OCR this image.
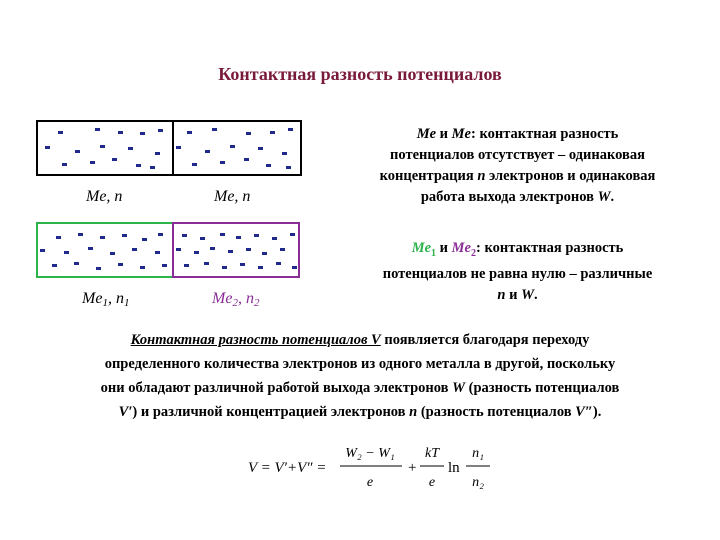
Контактная разность потенциалов
Me, n	Me, n
$Me_1$, $n_1$	$Me_2$, $n_2$
Me и Me: контактная разность
потенциалов отсутствует – одинаковая
концентрация n электронов и одинаковая
работа выхода электронов W.
$Me_1$ и $Me_2$: контактная разность
потенциалов не равна нулю – различные
n и W.
Контактная разность потенциалов V появляется благодаря переходу
определенного количества электронов из одного металла в другой, поскольку
они обладают различной работой выхода электронов W (разность потенциалов
V′) и различной концентрацией электронов n (разность потенциалов V″).
V = V′+V″ =
W₂ − W₁
e
+
kT
e
ln
n₁
n₂
